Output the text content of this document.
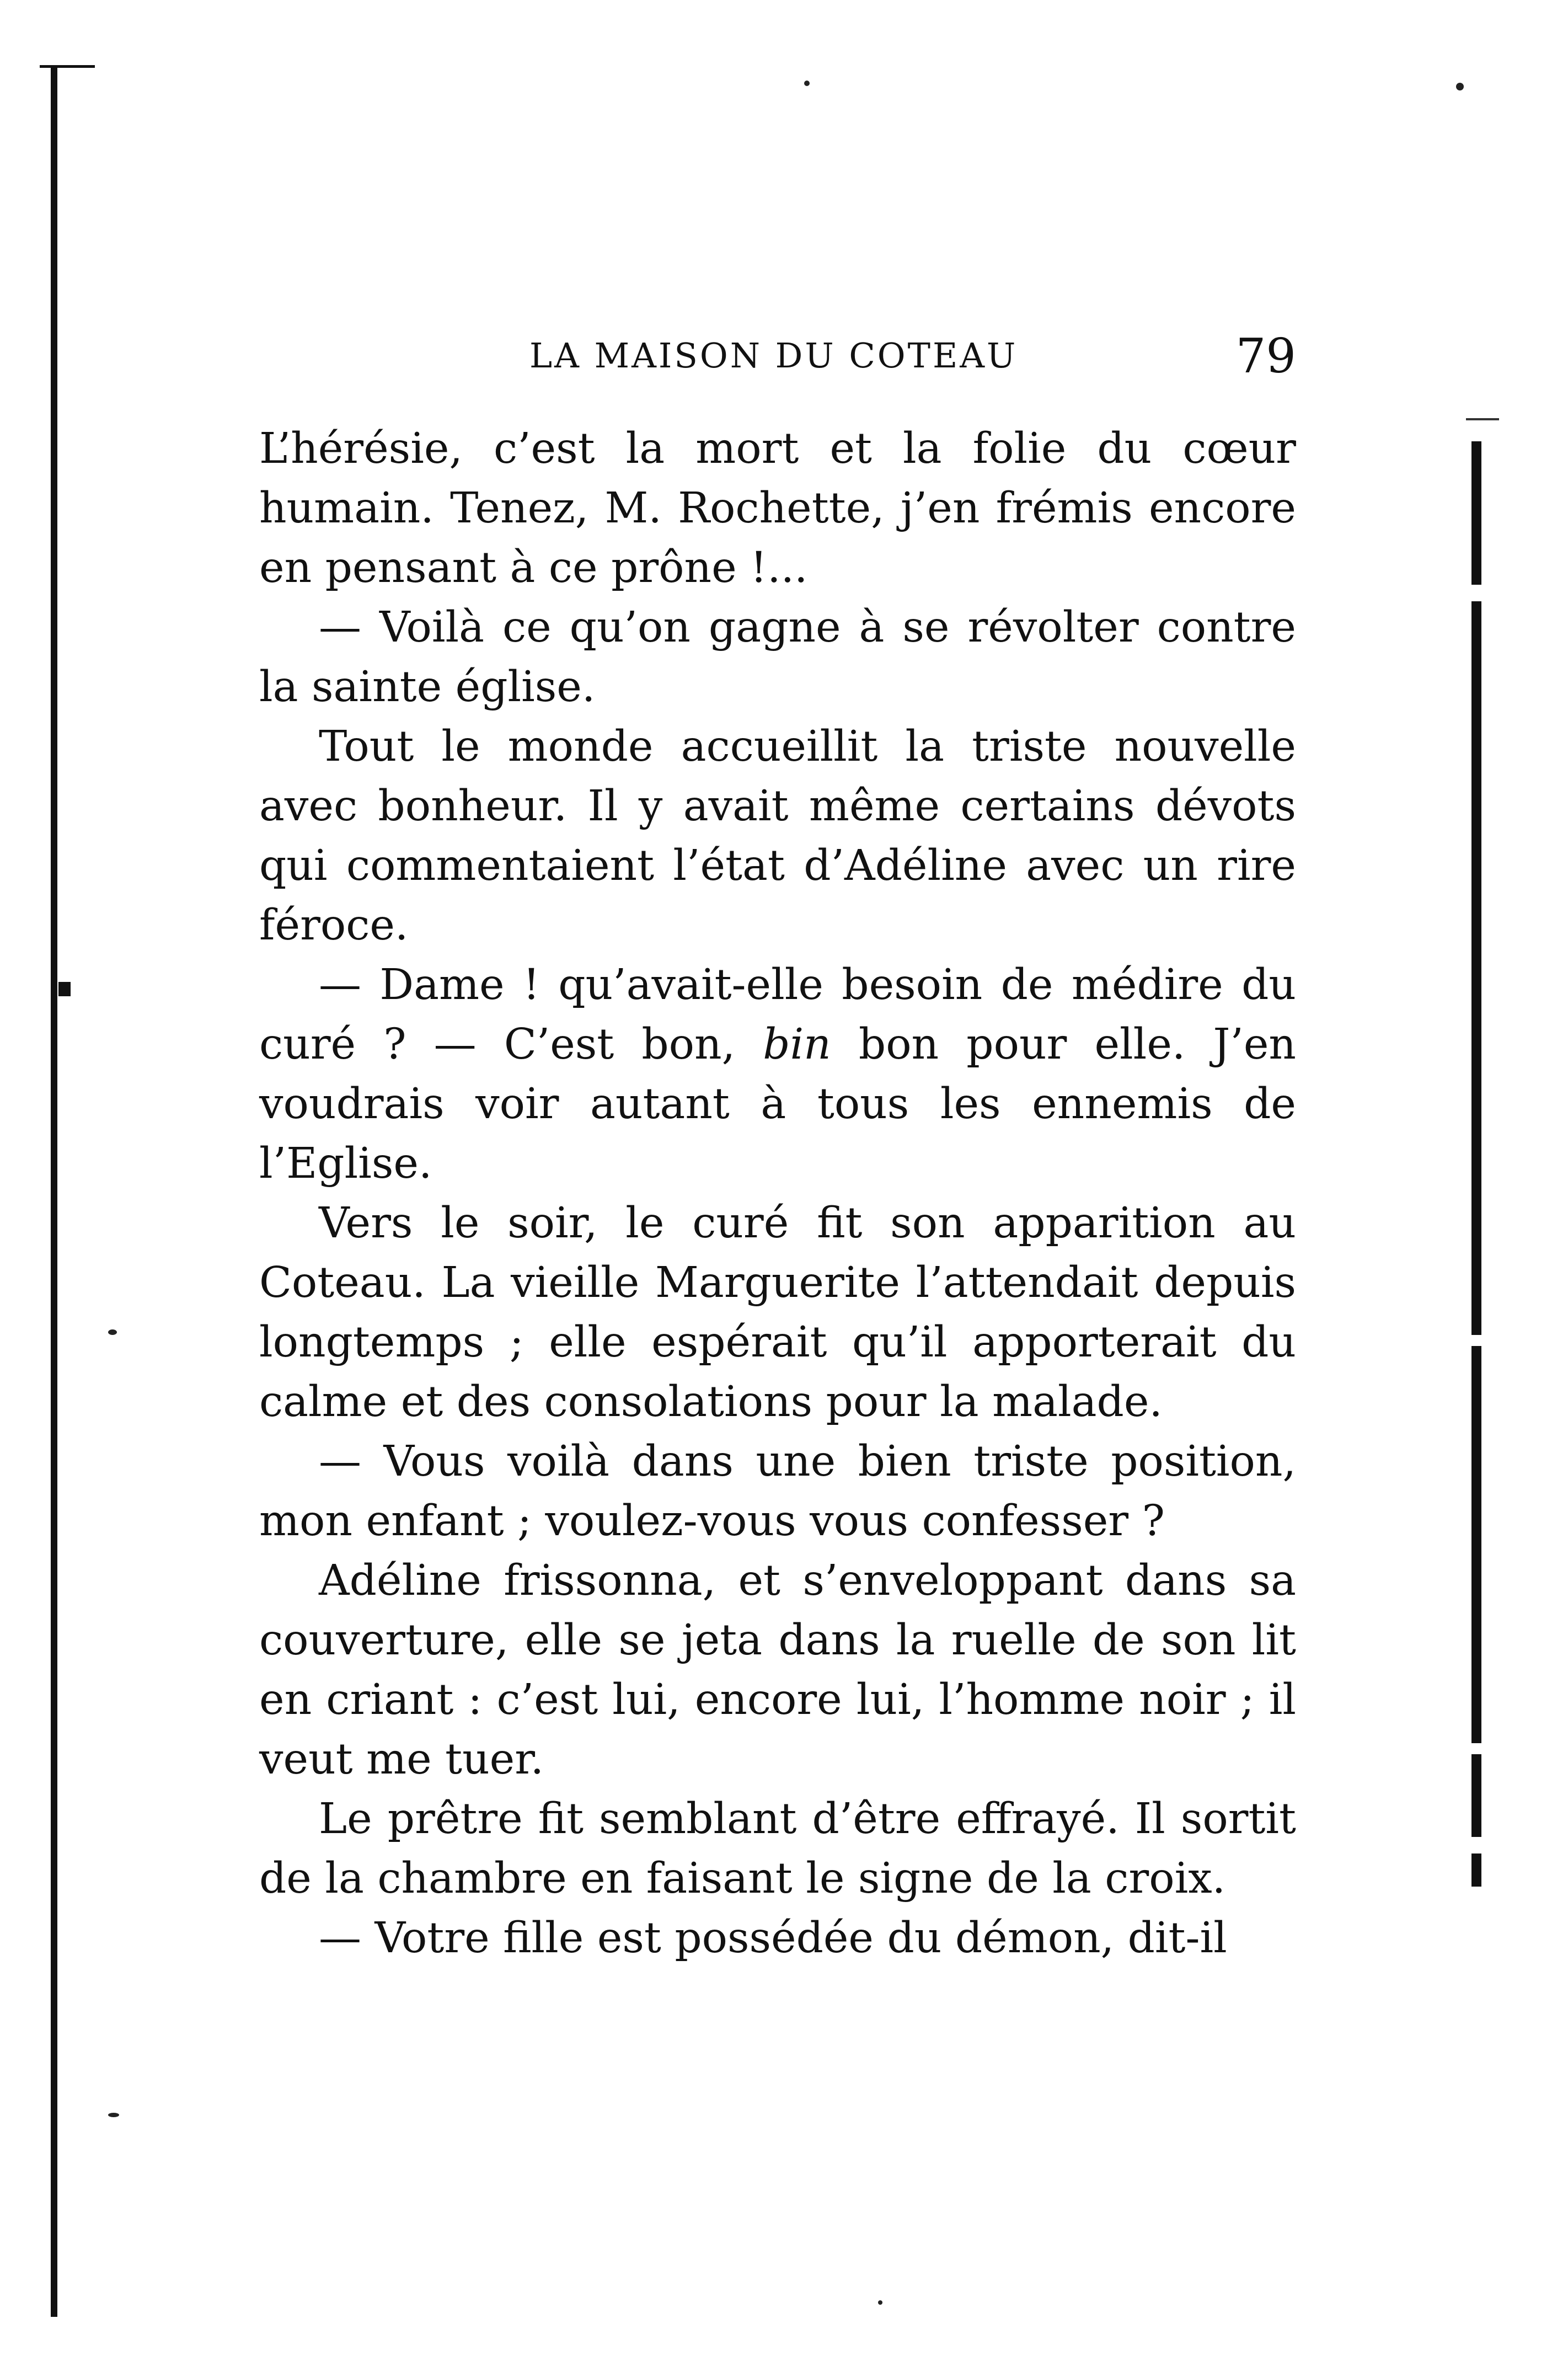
LA MAISON DU COTEAU	79

L’hérésie, c’est la mort et la folie du cœur humain. Tenez, M. Rochette, j’en frémis encore en pensant à ce prône !...

— Voilà ce qu’on gagne à se révolter contre la sainte église.

Tout le monde accueillit la triste nouvelle avec bonheur. Il y avait même certains dévots qui commentaient l’état d’Adéline avec un rire féroce.

— Dame ! qu’avait-elle besoin de médire du curé ? — C’est bon, bin bon pour elle. J’en voudrais voir autant à tous les ennemis de l’Eglise.

Vers le soir, le curé fit son apparition au Coteau. La vieille Marguerite l’attendait depuis longtemps ; elle espérait qu’il apporterait du calme et des consolations pour la malade.

— Vous voilà dans une bien triste position, mon enfant ; voulez-vous vous confesser ?

Adéline frissonna, et s’enveloppant dans sa couverture, elle se jeta dans la ruelle de son lit en criant : c’est lui, encore lui, l’homme noir ; il veut me tuer.

Le prêtre fit semblant d’être effrayé. Il sortit de la chambre en faisant le signe de la croix.

— Votre fille est possédée du démon, dit-il
